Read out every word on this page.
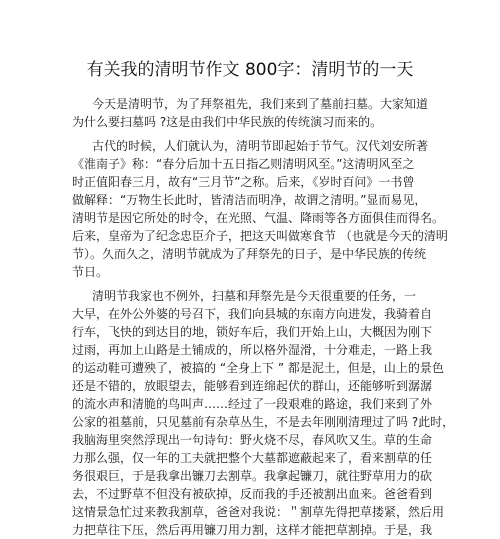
有关我的清明节作文 800字：清明节的一天
今天是清明节，为了拜祭祖先，我们来到了墓前扫墓。大家知道
为什么要扫墓吗 ?这是由我们中华民族的传统演习而来的。
古代的时候，人们就认为，清明节即起始于节气。汉代刘安所著
《淮南子》称：“春分后加十五日指乙则清明风至。”这清明风至之
时正值阳春三月，故有“三月节”之称。后来，《岁时百问》一书曾
做解释：“万物生长此时，皆清洁而明净，故谓之清明。”显而易见，
清明节是因它所处的时令，在光照、气温、降雨等各方面俱佳而得名。
后来，皇帝为了纪念忠臣介子，把这天叫做寒食节 （也就是今天的清明
节）。久而久之，清明节就成为了拜祭先的日子，是中华民族的传统
节日。
清明节我家也不例外，扫墓和拜祭先是今天很重要的任务，一
大早，在外公外婆的号召下，我们向县城的东南方向进发，我骑着自
行车，飞快的到达目的地，锁好车后，我们开始上山，大概因为刚下
过雨，再加上山路是土铺成的，所以格外湿滑，十分难走，一路上我
的运动鞋可遭殃了，被搞的 “全身上下 ” 都是泥土，但是，山上的景色
还是不错的，放眼望去，能够看到连绵起伏的群山，还能够听到潺潺
的流水声和清脆的鸟叫声……经过了一段艰难的路途，我们来到了外
公家的祖墓前，只见墓前有杂草丛生，不是去年刚刚清理过了吗 ?此时，
我脑海里突然浮现出一句诗句：野火烧不尽，春风吹又生。草的生命
力那么强，仅一年的工夫就把整个大墓都遮蔽起来了，看来割草的任
务很艰巨，于是我拿出镰刀去割草。我拿起镰刀，就往野草用力的砍
去，不过野草不但没有被砍掉，反而我的手还被割出血来。爸爸看到
这情景急忙过来教我割草，爸爸对我说：＂割草先得把草搂紧，然后用
力把草往下压，然后再用镰刀用力割，这样才能把草割掉。于是，我
